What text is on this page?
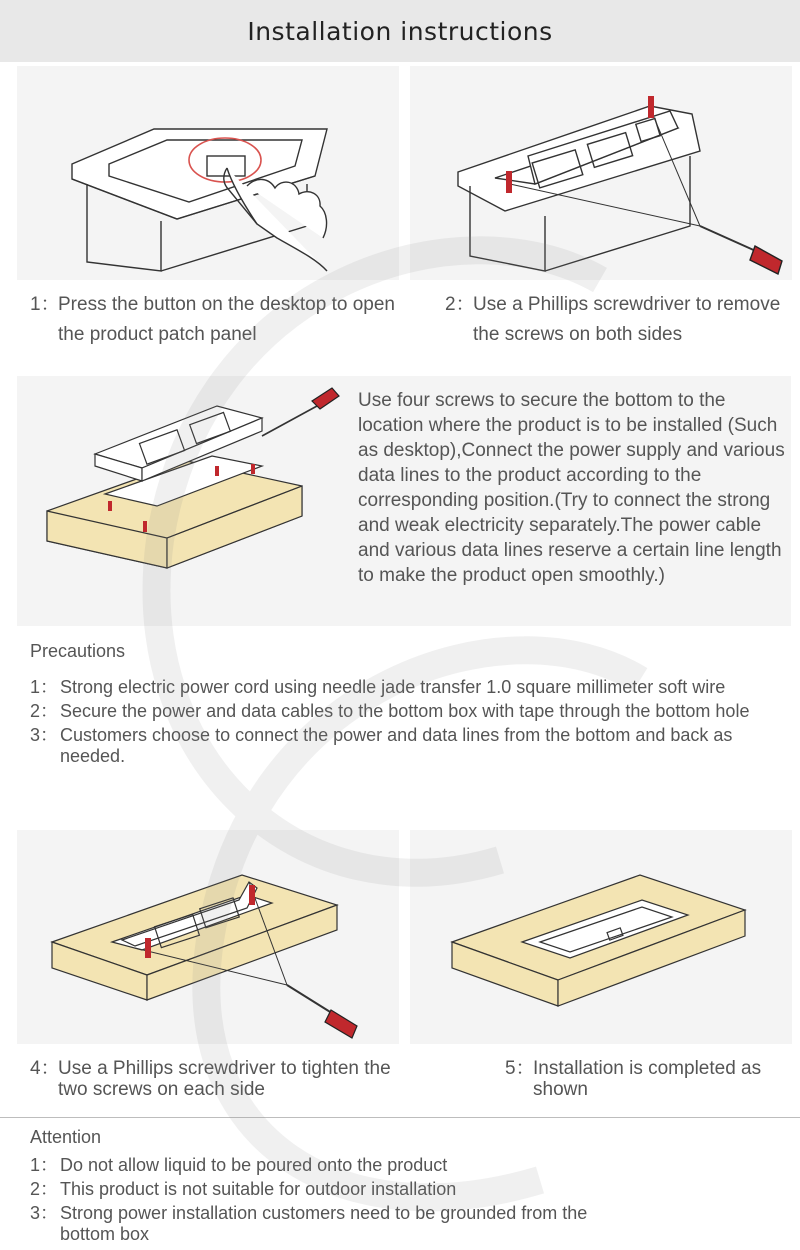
Installation instructions
1：
Press the button on the desktop to open the product patch panel
2：
Use a Phillips screwdriver to remove the screws on both sides
Use four screws to secure the bottom to the location where the product is to be installed (Such as desktop),Connect the power supply and various data lines to the product according to the corresponding position.(Try to connect the strong and weak electricity separately.The power cable and various data lines reserve a certain line length to make the product open smoothly.)
Precautions
1： Strong electric power cord using needle jade transfer 1.0 square millimeter soft wire
2： Secure the power and data cables to the bottom box with tape through the bottom hole
3： Customers choose to connect the power and data lines from the bottom and back as needed.
4：
Use a Phillips screwdriver to tighten the two screws on each side
5：
Installation is completed as shown
Attention
1： Do not allow liquid to be poured onto the product
2： This product is not suitable for outdoor installation
3： Strong power installation customers need to be grounded from the bottom box
